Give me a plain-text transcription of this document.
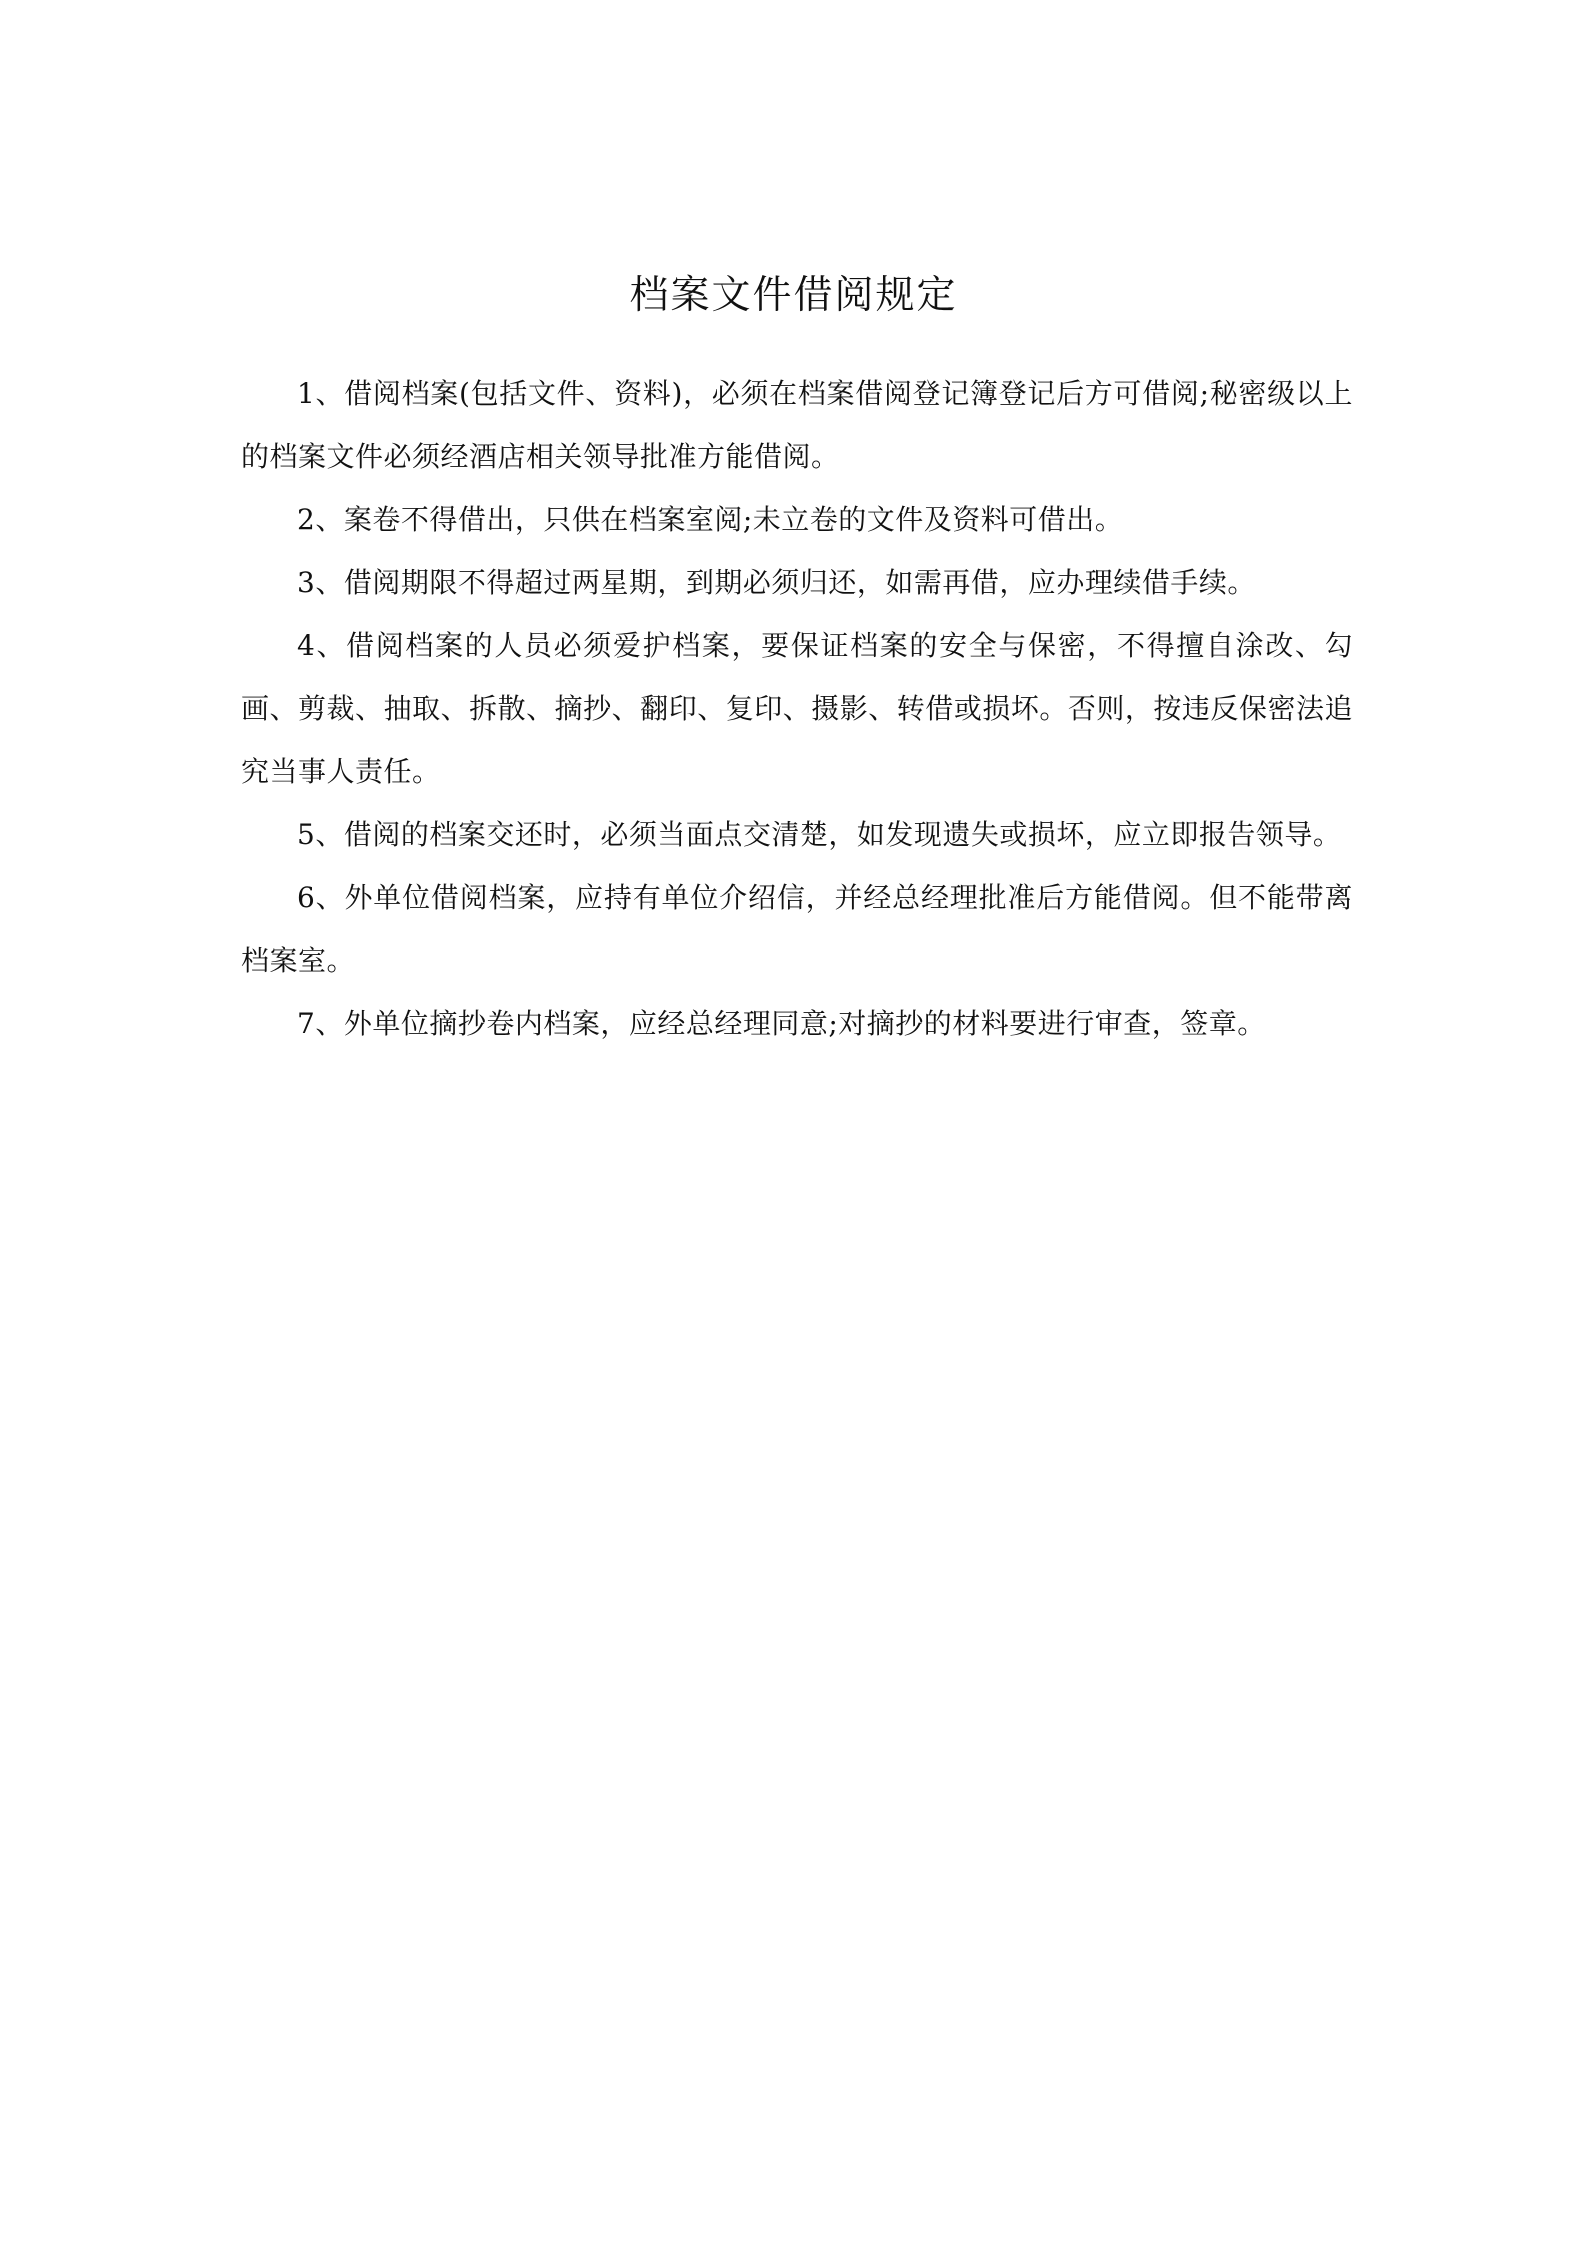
档案文件借阅规定

1、借阅档案(包括文件、资料)，必须在档案借阅登记簿登记后方可借阅;秘密级以上的档案文件必须经酒店相关领导批准方能借阅。

2、案卷不得借出，只供在档案室阅;未立卷的文件及资料可借出。

3、借阅期限不得超过两星期，到期必须归还，如需再借，应办理续借手续。

4、借阅档案的人员必须爱护档案，要保证档案的安全与保密，不得擅自涂改、勾画、剪裁、抽取、拆散、摘抄、翻印、复印、摄影、转借或损坏。否则，按违反保密法追究当事人责任。

5、借阅的档案交还时，必须当面点交清楚，如发现遗失或损坏，应立即报告领导。

6、外单位借阅档案，应持有单位介绍信，并经总经理批准后方能借阅。但不能带离档案室。

7、外单位摘抄卷内档案，应经总经理同意;对摘抄的材料要进行审查，签章。
